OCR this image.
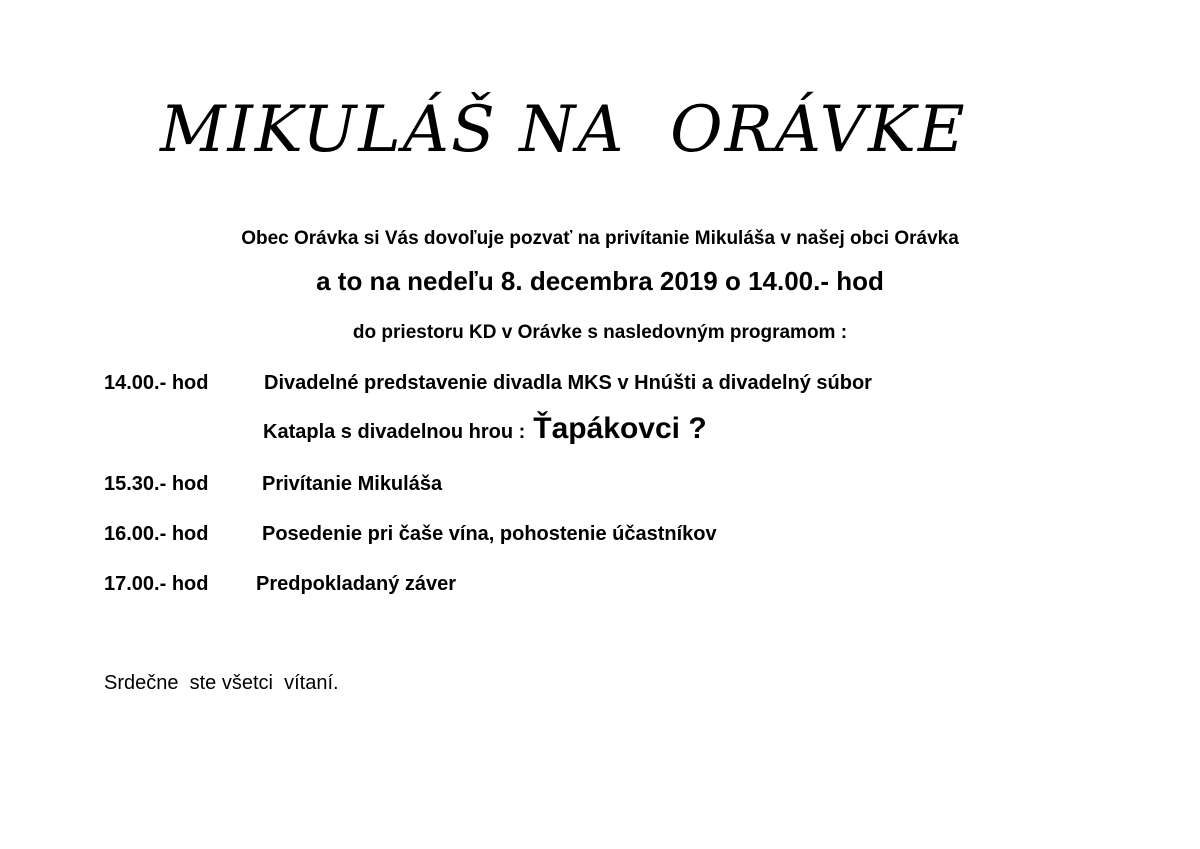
MIKULÁŠ NA  ORÁVKE
Obec Orávka si Vás dovoľuje pozvať na privítanie Mikuláša v našej obci Orávka
a to na nedeľu 8. decembra 2019 o 14.00.- hod
do priestoru KD v Orávke s nasledovným programom :
14.00.- hod	Divadelné predstavenie divadla MKS v Hnúšti a divadelný súbor
Katapla s divadelnou hrou : Ťapákovci ?
15.30.- hod	Privítanie Mikuláša
16.00.- hod	Posedenie pri čaše vína, pohostenie účastníkov
17.00.- hod Predpokladaný záver
Srdečne  ste všetci  vítaní.
